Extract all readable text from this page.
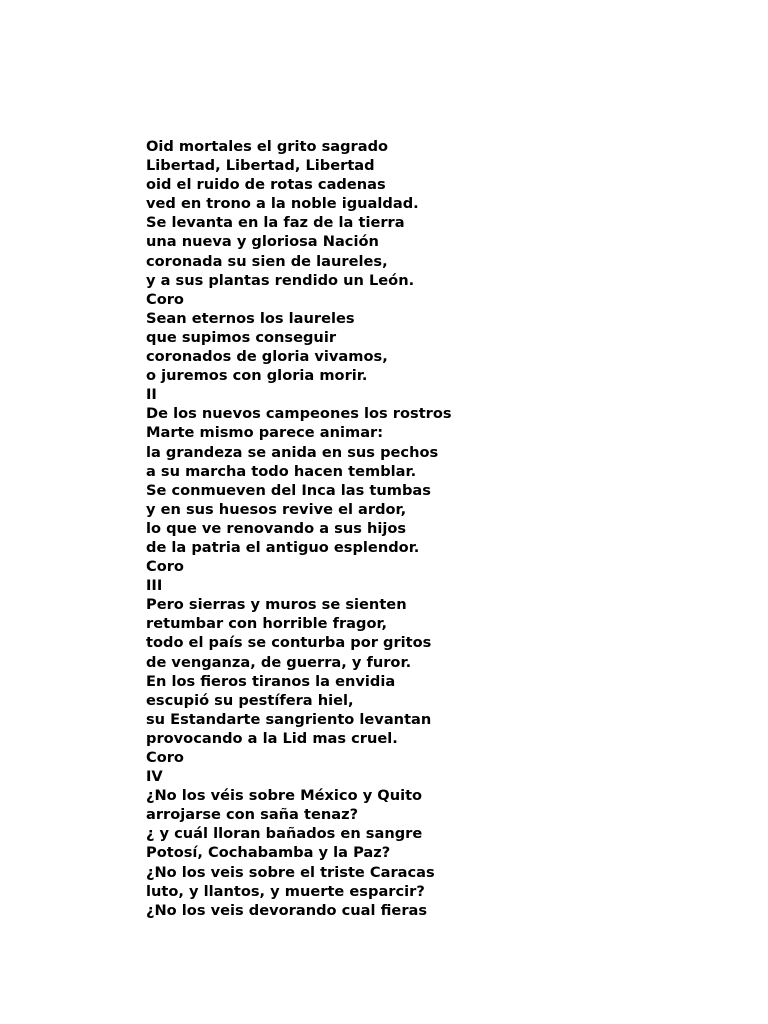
Oid mortales el grito sagrado
Libertad, Libertad, Libertad
oid el ruido de rotas cadenas
ved en trono a la noble igualdad.
Se levanta en la faz de la tierra
una nueva y gloriosa Nación
coronada su sien de laureles,
y a sus plantas rendido un León.
Coro
Sean eternos los laureles
que supimos conseguir
coronados de gloria vivamos,
o juremos con gloria morir.
II
De los nuevos campeones los rostros
Marte mismo parece animar:
la grandeza se anida en sus pechos
a su marcha todo hacen temblar.
Se conmueven del Inca las tumbas
y en sus huesos revive el ardor,
lo que ve renovando a sus hijos
de la patria el antiguo esplendor.
Coro
III
Pero sierras y muros se sienten
retumbar con horrible fragor,
todo el país se conturba por gritos
de venganza, de guerra, y furor.
En los fieros tiranos la envidia
escupió su pestífera hiel,
su Estandarte sangriento levantan
provocando a la Lid mas cruel.
Coro
IV
¿No los véis sobre México y Quito
arrojarse con saña tenaz?
¿ y cuál lloran bañados en sangre
Potosí, Cochabamba y la Paz?
¿No los veis sobre el triste Caracas
luto, y llantos, y muerte esparcir?
¿No los veis devorando cual fieras
